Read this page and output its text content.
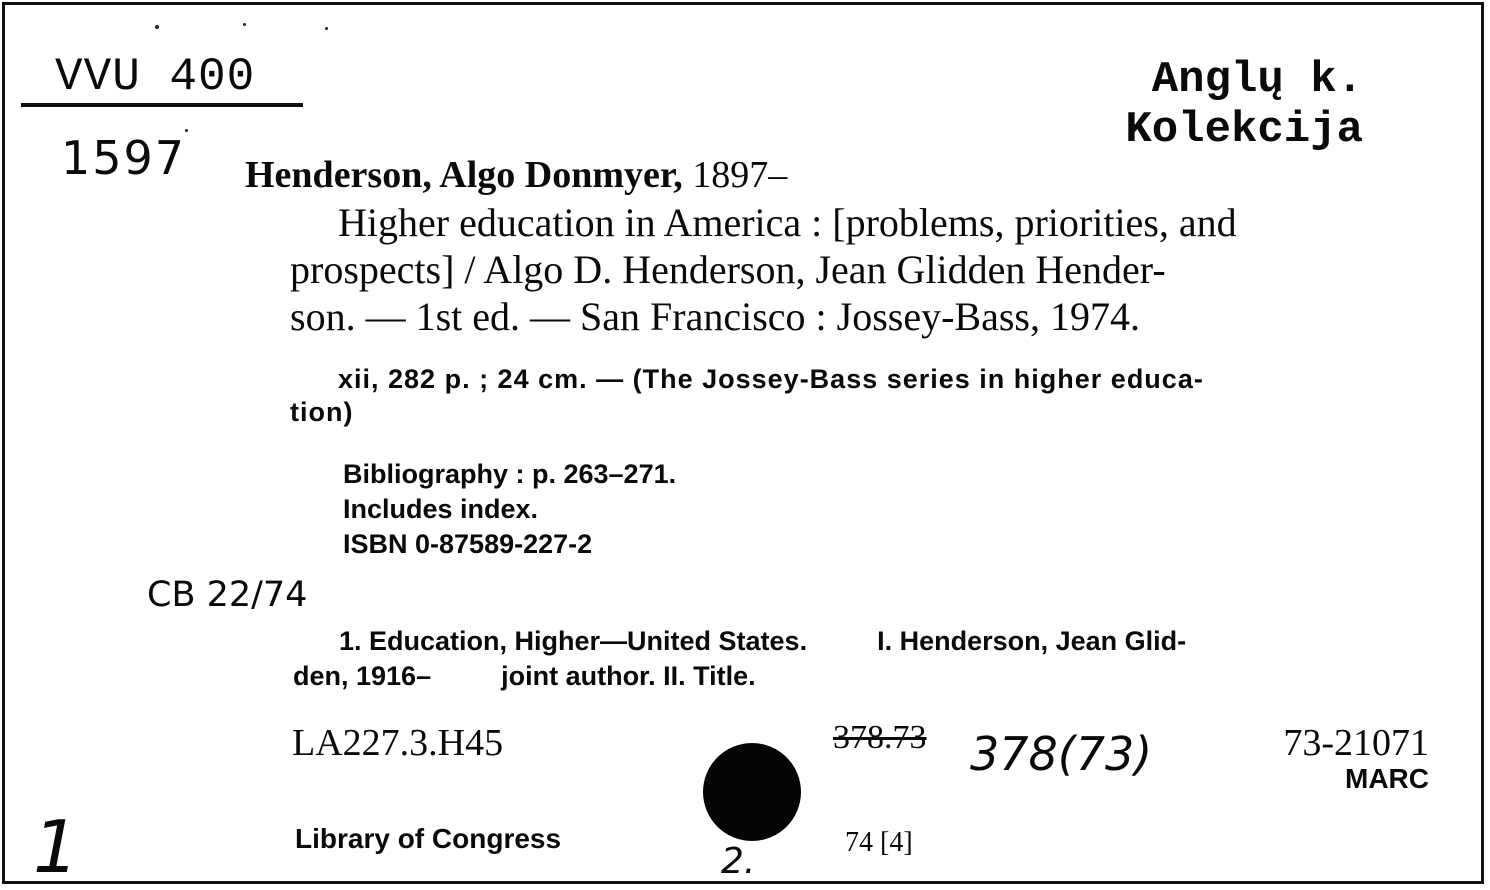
VVU 400
1597
Anglų k.
Kolekcija
Henderson, Algo Donmyer, 1897–
Higher education in America : [problems, priorities, and
prospects] / Algo D. Henderson, Jean Glidden Hender-
son. — 1st ed. — San Francisco : Jossey-Bass, 1974.
xii, 282 p. ; 24 cm. — (The Jossey-Bass series in higher educa-
tion)
Bibliography : p. 263–271.
Includes index.
ISBN 0-87589-227-2
CB 22/74
1. Education, Higher—United States.	I. Henderson, Jean Glid-
den, 1916–	joint author. II. Title.
LA227.3.H45	378.73 378(73)	73-21071
MARC
1	Library of Congress
2.	74 [4]
